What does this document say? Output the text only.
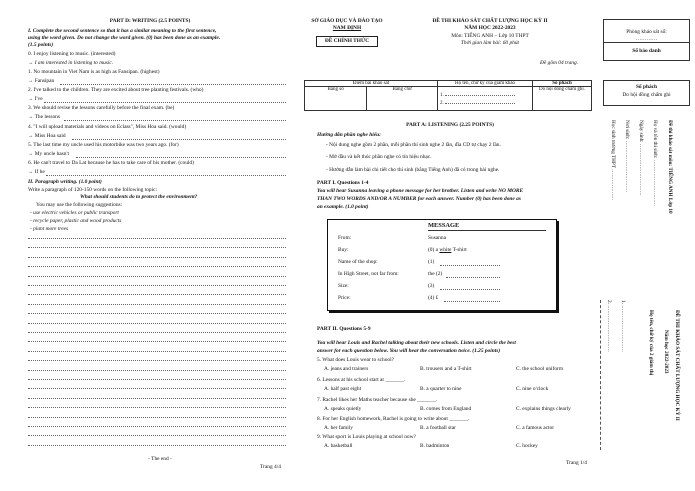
PART D: WRITING (2.5 POINTS)
I. Complete the second sentence so that it has a similar meaning to the first sentence,
using the word given. Do not change the word given. (0) has been done as an example.
(1.5 points)
0. I enjoy listening to music. (interested)
→ I am interested in listening to music.
1. No mountain in Viet Nam is as high as Fansipan. (highest)
→ Fansipan
2. I've talked to the children. They are excited about tree planting festivals. (who)
→ I've
3. We should revise the lessons carefully before the final exam. (be)
→ The lessons
4. "I will upload materials and videos on Eclass", Miss Hoa said. (would)
→ Miss Hoa said
5. The last time my uncle used his motorbike was two years ago. (for)
→ My uncle hasn't
6. He can't travel to Da Lat because he has to take care of his mother. (could)
→ If he
II. Paragraph writing. (1.0 point)
Write a paragraph of 120-150 words on the following topic:
What should students do to protect the environment?
You may use the following suggestions:
- use electric vehicles or public transport
- recycle paper, plastic and wood products
- plant more trees
- The end -
Trang 4/4
SỞ GIÁO DỤC VÀ ĐÀO TẠO
NAM ĐỊNH
ĐỀ CHÍNH THỨC
ĐỀ THI KHẢO SÁT CHẤT LƯỢNG HỌC KỲ II
NĂM HỌC 2022-2023
Môn: TIẾNG ANH – Lớp 10 THPT
Thời gian làm bài: 60 phút
Đề gồm 04 trang.
Điểm bài khảo sát		Họ tên, chữ ký của giám khảo	Số phách
Bằng số	Bằng chữ	1.
2.	Do hội đồng chấm ghi.
PART A: LISTENING (2.25 POINTS)
Hướng dẫn phần nghe hiểu:
- Nội dung nghe gồm 2 phần, mỗi phần thí sinh nghe 2 lần, đĩa CD tự chạy 2 lần.
- Mở đầu và kết thúc phần nghe có tín hiệu nhạc.
- Hướng dẫn làm bài chi tiết cho thí sinh (bằng Tiếng Anh) đã có trong bài nghe.
PART I. Questions 1-4
You will hear Susanna leaving a phone message for her brother. Listen and write NO MORE
THAN TWO WORDS AND/OR A NUMBER for each answer. Number (0) has been done as
an example. (1.0 point)
MESSAGE
From:	Susanna
Buy:	(0) a white T-shirt
Name of the shop:	(1)
In High Street, not far from:	the (2)
Size:	(3)
Price:	(4) £
PART II. Questions 5-9
You will hear Louis and Rachel talking about their new schools. Listen and circle the best
answer for each question below. You will hear the conversation twice. (1.25 points)
5. What does Louis wear to school?
A. jeans and trainers	B. trousers and a T-shirt	C. the school uniform
6. Lessons at his school start at _______.
A. half past eight	B. a quarter to nine	C. nine o'clock
7. Rachel likes her Maths teacher because she _______.
A. speaks quietly	B. comes from England	C. explains things clearly
8. For her English homework, Rachel is going to write about _______.
A. her family	B. a football star	C. a famous actor
9. What sport is Louis playing at school now?
A. basketball	B. badminton	C. hockey
Trang 1/4
Phòng khảo sát số:
…………
Số báo danh
Số phách
Do hội đồng chấm ghi
Đề thi khảo sát môn: TIẾNG ANH Lớp 10
Họ và tên thí sinh: ………………………
Ngày sinh: …………………………
Nơi sinh: …………………………
Học sinh trường THPT ………………
ĐỀ THI KHẢO SÁT CHẤT LƯỢNG HỌC KỲ II
Năm học 2022-2023
Họ tên, chữ ký của 2 giám thị
1. ………………………
2. ………………………
